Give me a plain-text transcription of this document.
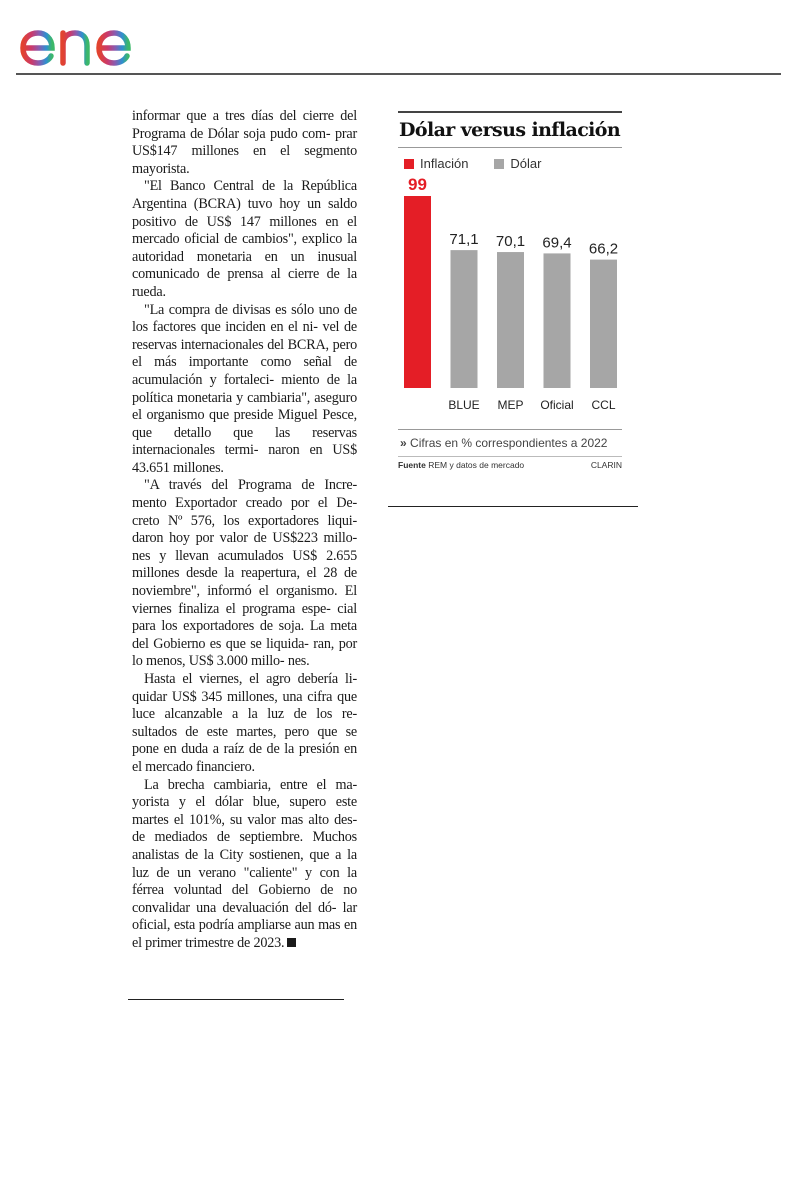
informar que a tres días del cierre del Programa de Dólar soja pudo com- prar US$147 millones en el segmento mayorista.

"El Banco Central de la República Argentina (BCRA) tuvo hoy un saldo positivo de US$ 147 millones en el mercado oficial de cambios", explico la autoridad monetaria en un inusual comunicado de prensa al cierre de la rueda.

"La compra de divisas es sólo uno de los factores que inciden en el ni- vel de reservas internacionales del BCRA, pero el más importante como señal de acumulación y fortaleci- miento de la política monetaria y cambiaria", aseguro el organismo que preside Miguel Pesce, que detallo que las reservas internacionales termi- naron en US$ 43.651 millones.

"A través del Programa de Incre- mento Exportador creado por el De- creto Nº 576, los exportadores liqui- daron hoy por valor de US$223 millo- nes y llevan acumulados US$ 2.655 millones desde la reapertura, el 28 de noviembre", informó el organismo. El viernes finaliza el programa espe- cial para los exportadores de soja. La meta del Gobierno es que se liquida- ran, por lo menos, US$ 3.000 millo- nes.

Hasta el viernes, el agro debería li- quidar US$ 345 millones, una cifra que luce alcanzable a la luz de los re- sultados de este martes, pero que se pone en duda a raíz de de la presión en el mercado financiero.

La brecha cambiaria, entre el ma- yorista y el dólar blue, supero este martes el 101%, su valor mas alto des- de mediados de septiembre. Muchos analistas de la City sostienen, que a la luz de un verano "caliente" y con la férrea voluntad del Gobierno de no convalidar una devaluación del dó- lar oficial, esta podría ampliarse aun mas en el primer trimestre de 2023.

Dólar versus inflación
Inflación	Dólar
99
71,1
BLUE
70,1
MEP
69,4
Oficial
66,2
CCL
» Cifras en % correspondientes a 2022
Fuente REM y datos de mercado	CLARIN
